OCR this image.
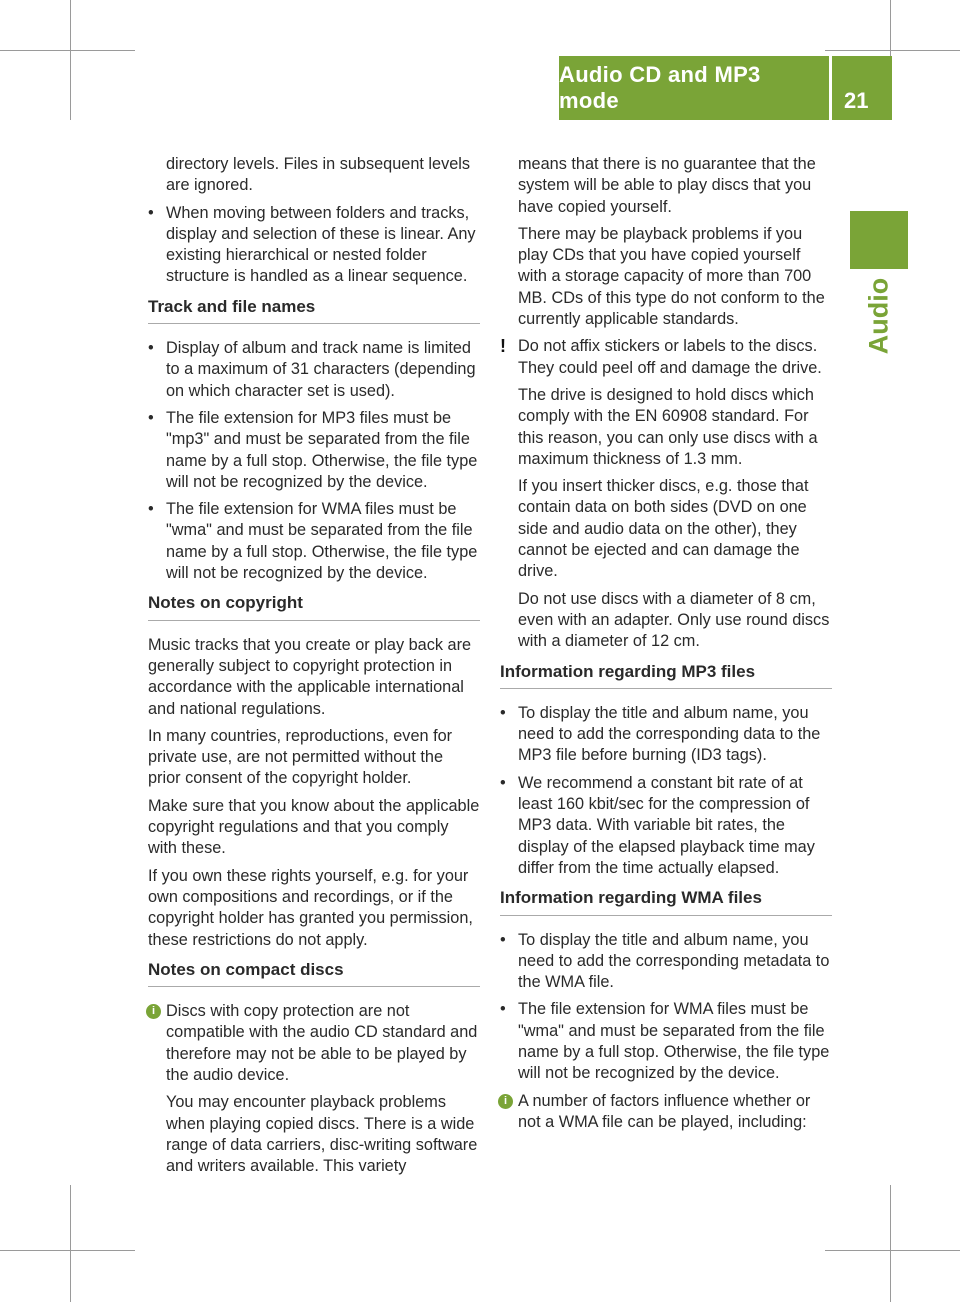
Audio CD and MP3 mode	21
Audio

directory levels. Files in subsequent levels are ignored.

• When moving between folders and tracks, display and selection of these is linear. Any existing hierarchical or nested folder structure is handled as a linear sequence.
Track and file names
• Display of album and track name is limited to a maximum of 31 characters (depending on which character set is used).
• The file extension for MP3 files must be "mp3" and must be separated from the file name by a full stop. Otherwise, the file type will not be recognized by the device.
• The file extension for WMA files must be "wma" and must be separated from the file name by a full stop. Otherwise, the file type will not be recognized by the device.
Notes on copyright

Music tracks that you create or play back are generally subject to copyright protection in accordance with the applicable international and national regulations.

In many countries, reproductions, even for private use, are not permitted without the prior consent of the copyright holder.

Make sure that you know about the applicable copyright regulations and that you comply with these.

If you own these rights yourself, e.g. for your own compositions and recordings, or if the copyright holder has granted you permission, these restrictions do not apply.

Notes on compact discs
i Discs with copy protection are not compatible with the audio CD standard and therefore may not be able to be played by the audio device.

You may encounter playback problems when playing copied discs. There is a wide range of data carriers, disc-writing software and writers available. This variety

means that there is no guarantee that the system will be able to play discs that you have copied yourself.

There may be playback problems if you play CDs that you have copied yourself with a storage capacity of more than 700 MB. CDs of this type do not conform to the currently applicable standards.

! Do not affix stickers or labels to the discs. They could peel off and damage the drive.

The drive is designed to hold discs which comply with the EN 60908 standard. For this reason, you can only use discs with a maximum thickness of 1.3 mm.

If you insert thicker discs, e.g. those that contain data on both sides (DVD on one side and audio data on the other), they cannot be ejected and can damage the drive.

Do not use discs with a diameter of 8 cm, even with an adapter. Only use round discs with a diameter of 12 cm.

Information regarding MP3 files
• To display the title and album name, you need to add the corresponding data to the MP3 file before burning (ID3 tags).
• We recommend a constant bit rate of at least 160 kbit/sec for the compression of MP3 data. With variable bit rates, the display of the elapsed playback time may differ from the time actually elapsed.
Information regarding WMA files
• To display the title and album name, you need to add the corresponding metadata to the WMA file.
• The file extension for WMA files must be "wma" and must be separated from the file name by a full stop. Otherwise, the file type will not be recognized by the device.
i A number of factors influence whether or not a WMA file can be played, including:
